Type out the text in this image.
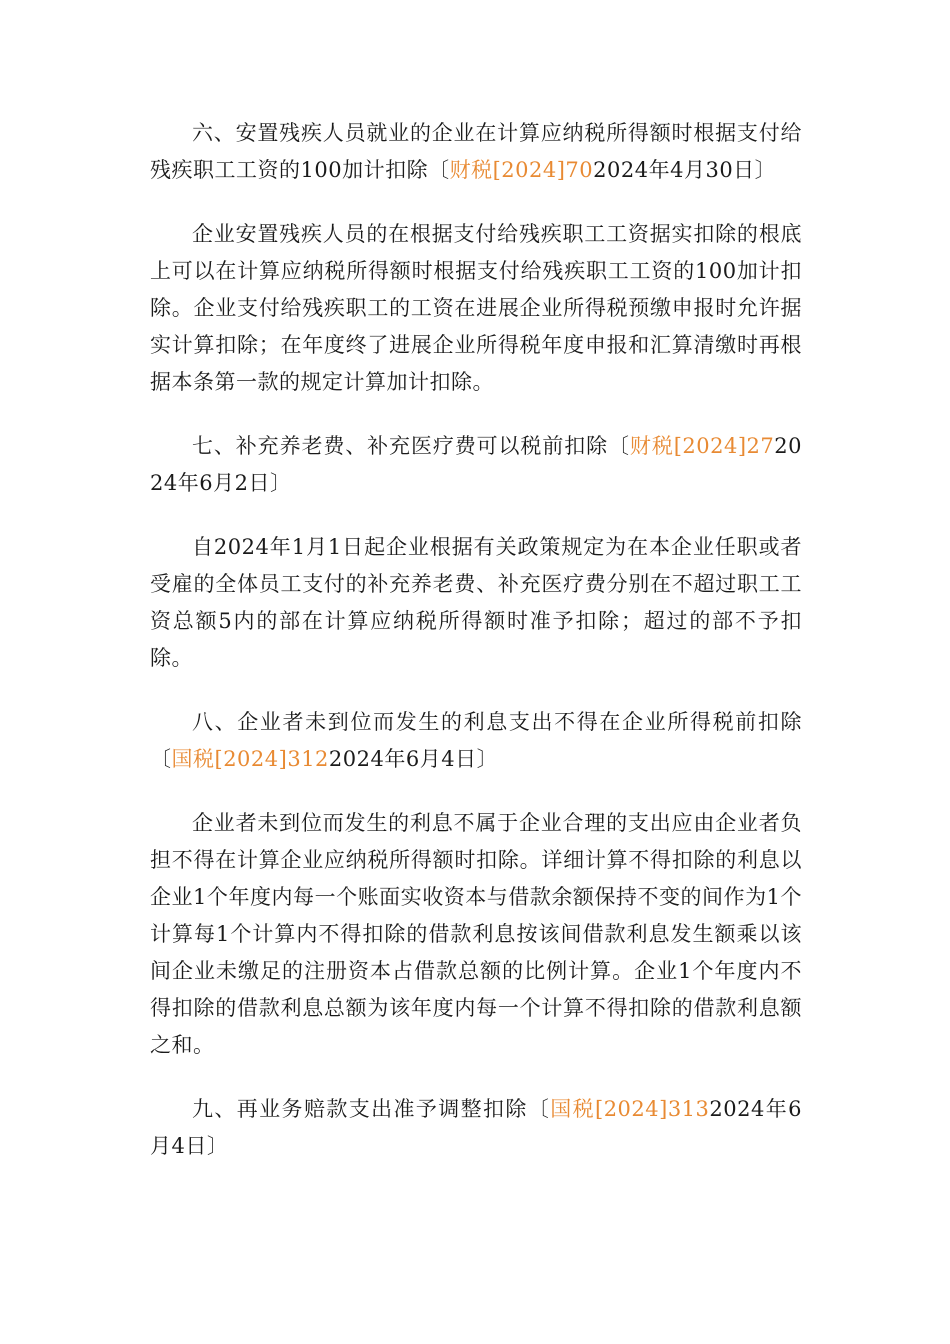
六、安置残疾人员就业的企业在计算应纳税所得额时根据支付给残疾职工工资的100加计扣除〔财税[2024]702024年4月30日〕

企业安置残疾人员的在根据支付给残疾职工工资据实扣除的根底上可以在计算应纳税所得额时根据支付给残疾职工工资的100加计扣除。企业支付给残疾职工的工资在进展企业所得税预缴申报时允许据实计算扣除；在年度终了进展企业所得税年度申报和汇算清缴时再根据本条第一款的规定计算加计扣除。

七、补充养老费、补充医疗费可以税前扣除〔财税[2024]272024年6月2日〕

自2024年1月1日起企业根据有关政策规定为在本企业任职或者受雇的全体员工支付的补充养老费、补充医疗费分别在不超过职工工资总额5内的部在计算应纳税所得额时准予扣除；超过的部不予扣除。

八、企业者未到位而发生的利息支出不得在企业所得税前扣除〔国税[2024]3122024年6月4日〕

企业者未到位而发生的利息不属于企业合理的支出应由企业者负担不得在计算企业应纳税所得额时扣除。详细计算不得扣除的利息以企业1个年度内每一个账面实收资本与借款余额保持不变的间作为1个计算每1个计算内不得扣除的借款利息按该间借款利息发生额乘以该间企业未缴足的注册资本占借款总额的比例计算。企业1个年度内不得扣除的借款利息总额为该年度内每一个计算不得扣除的借款利息额之和。

九、再业务赔款支出准予调整扣除〔国税[2024]3132024年6月4日〕
